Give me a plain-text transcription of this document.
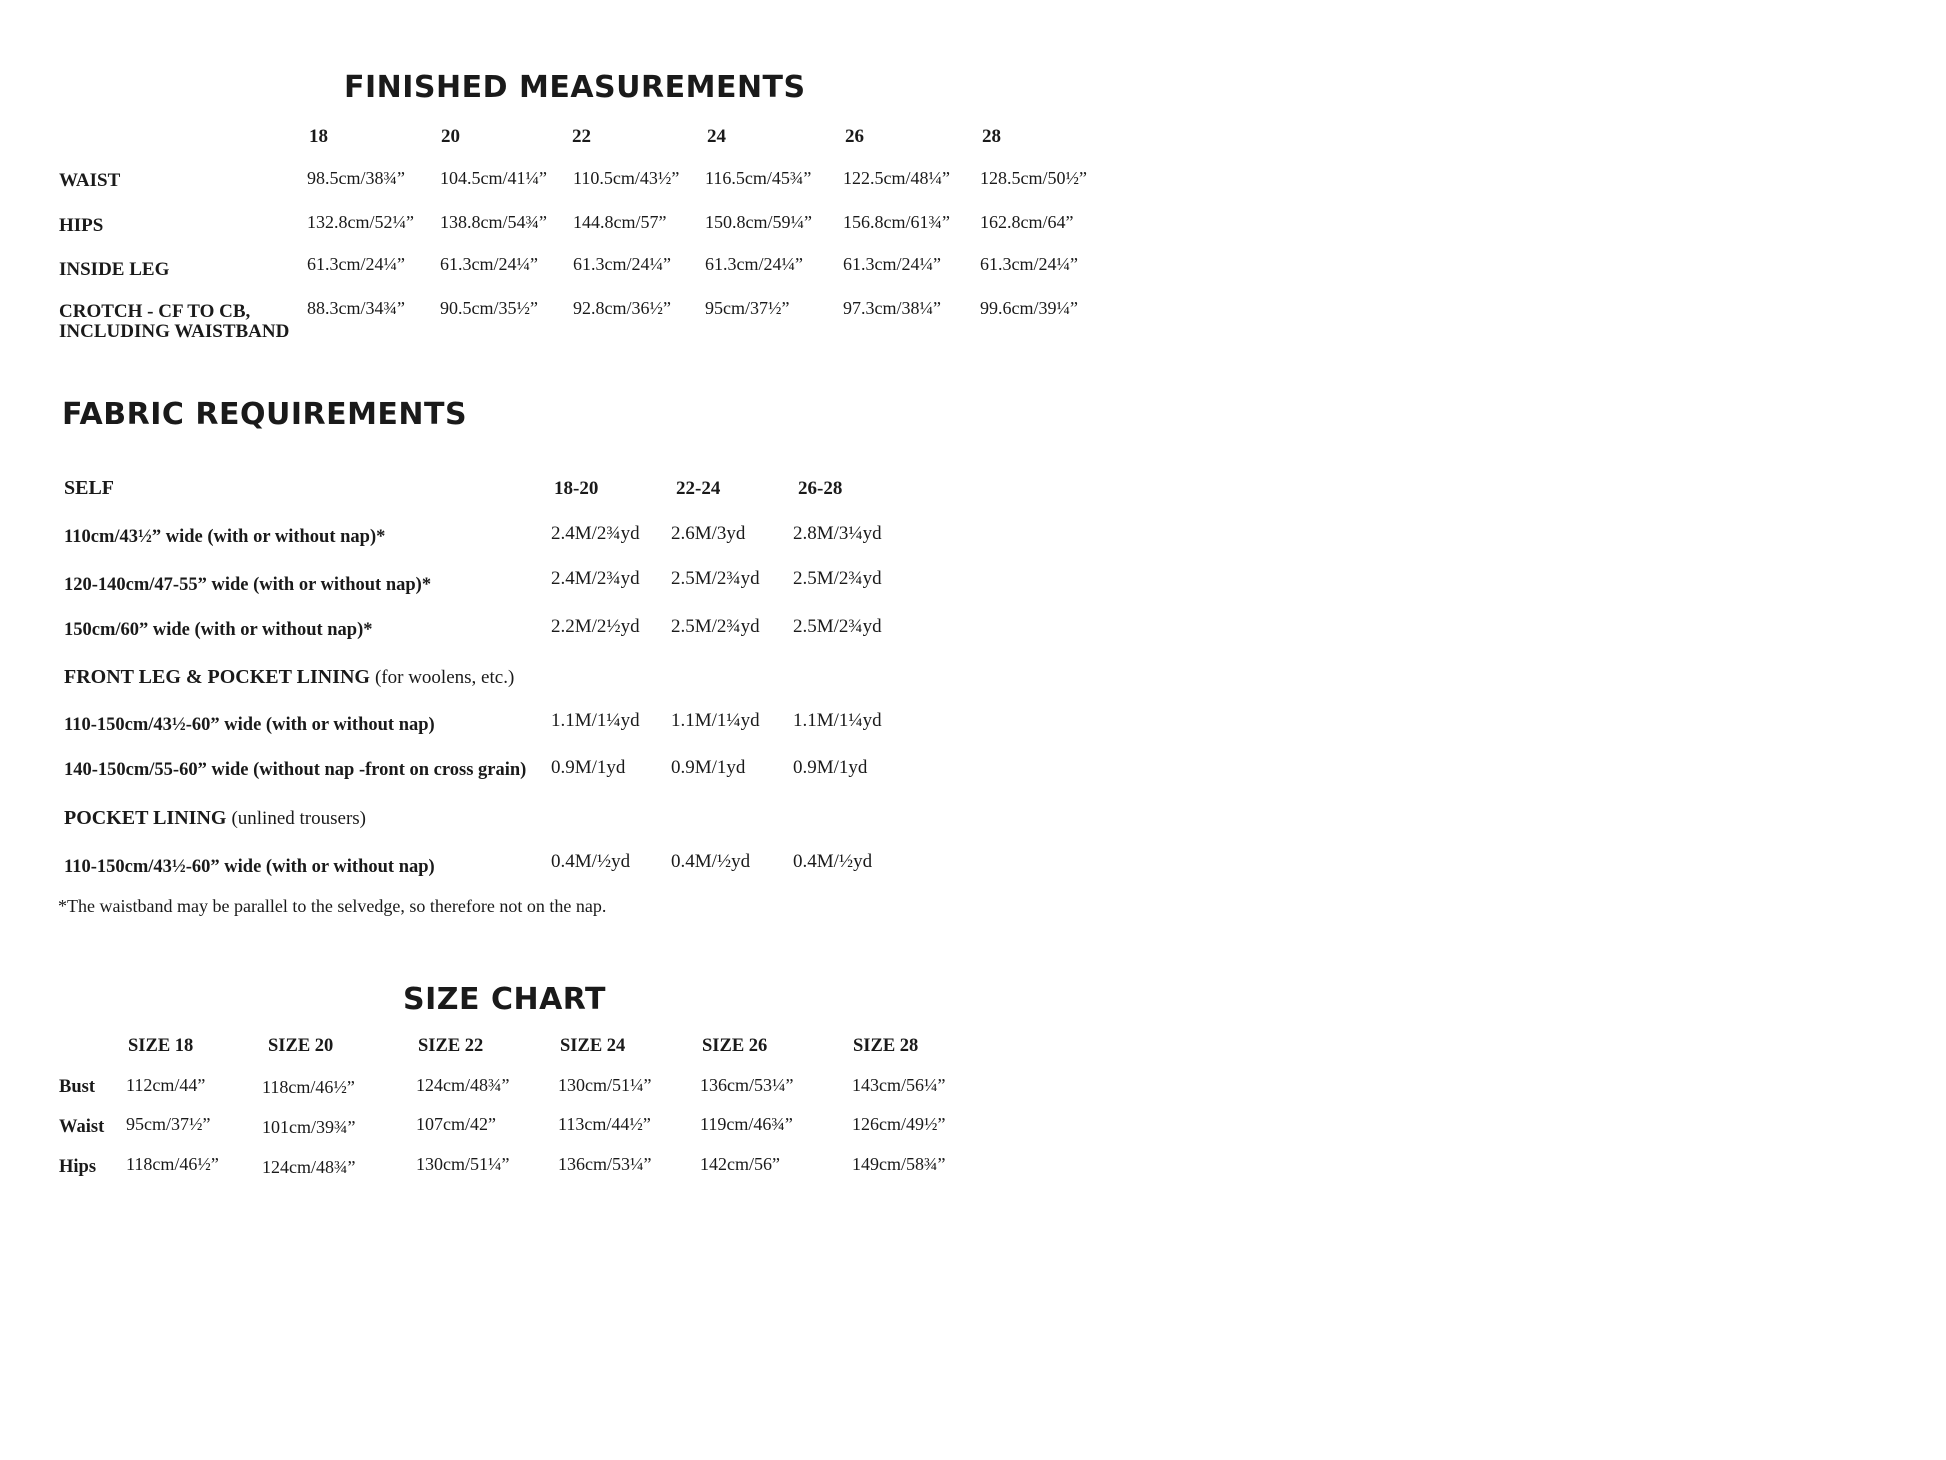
FINISHED MEASUREMENTS
18	20	22	24	26	28
WAIST	98.5cm/38¾” 104.5cm/41¼” 110.5cm/43½” 116.5cm/45¾” 122.5cm/48¼” 128.5cm/50½”
HIPS	132.8cm/52¼” 138.8cm/54¾” 144.8cm/57” 150.8cm/59¼” 156.8cm/61¾” 162.8cm/64”
INSIDE LEG	61.3cm/24¼” 61.3cm/24¼” 61.3cm/24¼” 61.3cm/24¼” 61.3cm/24¼” 61.3cm/24¼”
CROTCH - CF TO CB,
INCLUDING WAISTBAND
88.3cm/34¾” 90.5cm/35½” 92.8cm/36½” 95cm/37½”	97.3cm/38¼” 99.6cm/39¼”
FABRIC REQUIREMENTS
SELF	18-20	22-24	26-28
110cm/43½” wide (with or without nap)*	2.4M/2¾yd 2.6M/3yd	2.8M/3¼yd
120-140cm/47-55” wide (with or without nap)*	2.4M/2¾yd 2.5M/2¾yd 2.5M/2¾yd
150cm/60” wide (with or without nap)*	2.2M/2½yd 2.5M/2¾yd 2.5M/2¾yd
FRONT LEG & POCKET LINING (for woolens, etc.)
110-150cm/43½-60” wide (with or without nap)	1.1M/1¼yd 1.1M/1¼yd 1.1M/1¼yd
140-150cm/55-60” wide (without nap -front on cross grain) 0.9M/1yd 0.9M/1yd	0.9M/1yd
POCKET LINING (unlined trousers)
110-150cm/43½-60” wide (with or without nap)	0.4M/½yd 0.4M/½yd 0.4M/½yd
*The waistband may be parallel to the selvedge, so therefore not on the nap.
SIZE CHART
SIZE 18	SIZE 20	SIZE 22	SIZE 24	SIZE 26	SIZE 28
Bust 112cm/44”	118cm/46½”	124cm/48¾”	130cm/51¼”	136cm/53¼”	143cm/56¼”
Waist 95cm/37½”	101cm/39¾”	107cm/42”	113cm/44½”	119cm/46¾”	126cm/49½”
Hips 118cm/46½” 124cm/48¾”	130cm/51¼”	136cm/53¼”	142cm/56”	149cm/58¾”
